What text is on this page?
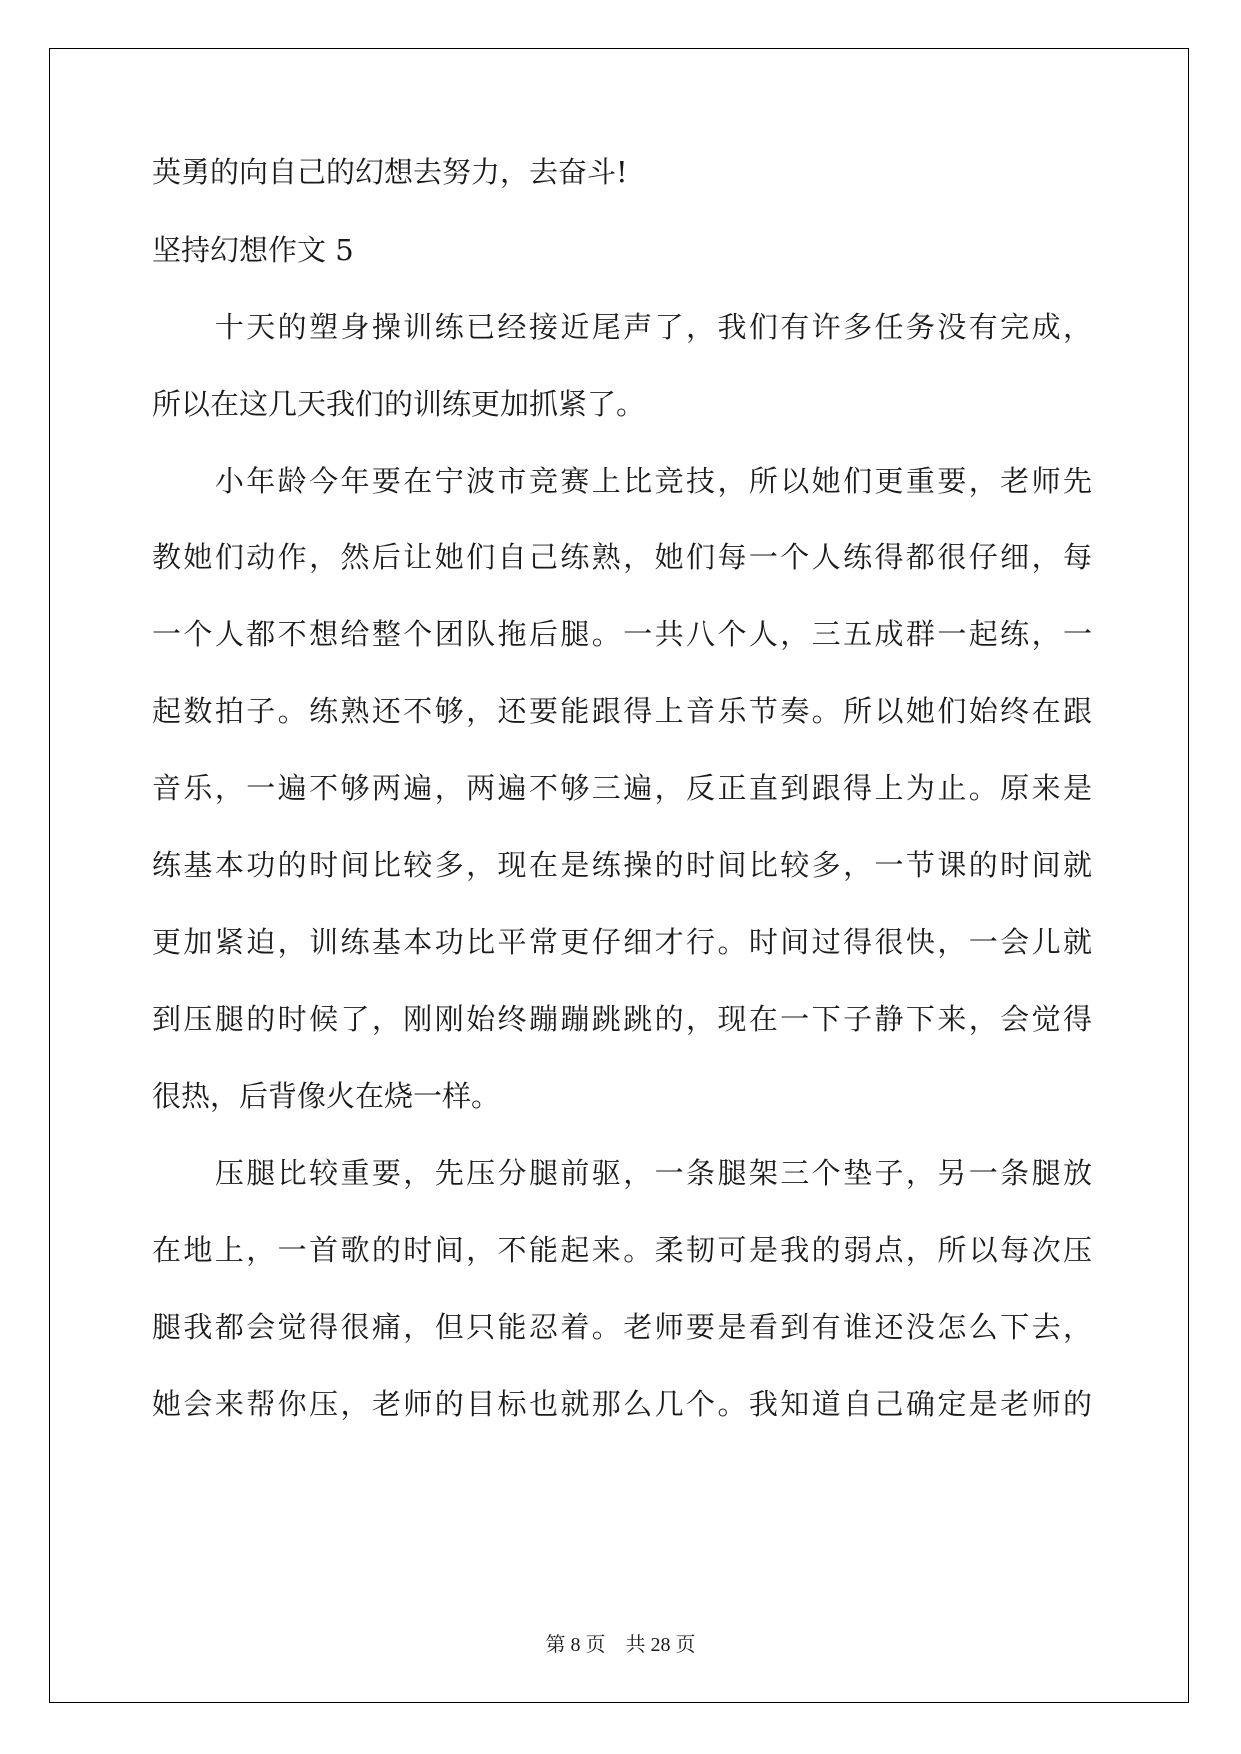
英勇的向自己的幻想去努力，去奋斗!

坚持幻想作文 5

　　十天的塑身操训练已经接近尾声了，我们有许多任务没有完成，

所以在这几天我们的训练更加抓紧了。

　　小年龄今年要在宁波市竞赛上比竞技，所以她们更重要，老师先

教她们动作，然后让她们自己练熟，她们每一个人练得都很仔细，每

一个人都不想给整个团队拖后腿。一共八个人，三五成群一起练，一

起数拍子。练熟还不够，还要能跟得上音乐节奏。所以她们始终在跟

音乐，一遍不够两遍，两遍不够三遍，反正直到跟得上为止。原来是

练基本功的时间比较多，现在是练操的时间比较多，一节课的时间就

更加紧迫，训练基本功比平常更仔细才行。时间过得很快，一会儿就

到压腿的时候了，刚刚始终蹦蹦跳跳的，现在一下子静下来，会觉得

很热，后背像火在烧一样。

　　压腿比较重要，先压分腿前驱，一条腿架三个垫子，另一条腿放

在地上，一首歌的时间，不能起来。柔韧可是我的弱点，所以每次压

腿我都会觉得很痛，但只能忍着。老师要是看到有谁还没怎么下去，

她会来帮你压，老师的目标也就那么几个。我知道自己确定是老师的

第 8 页    共 28 页
